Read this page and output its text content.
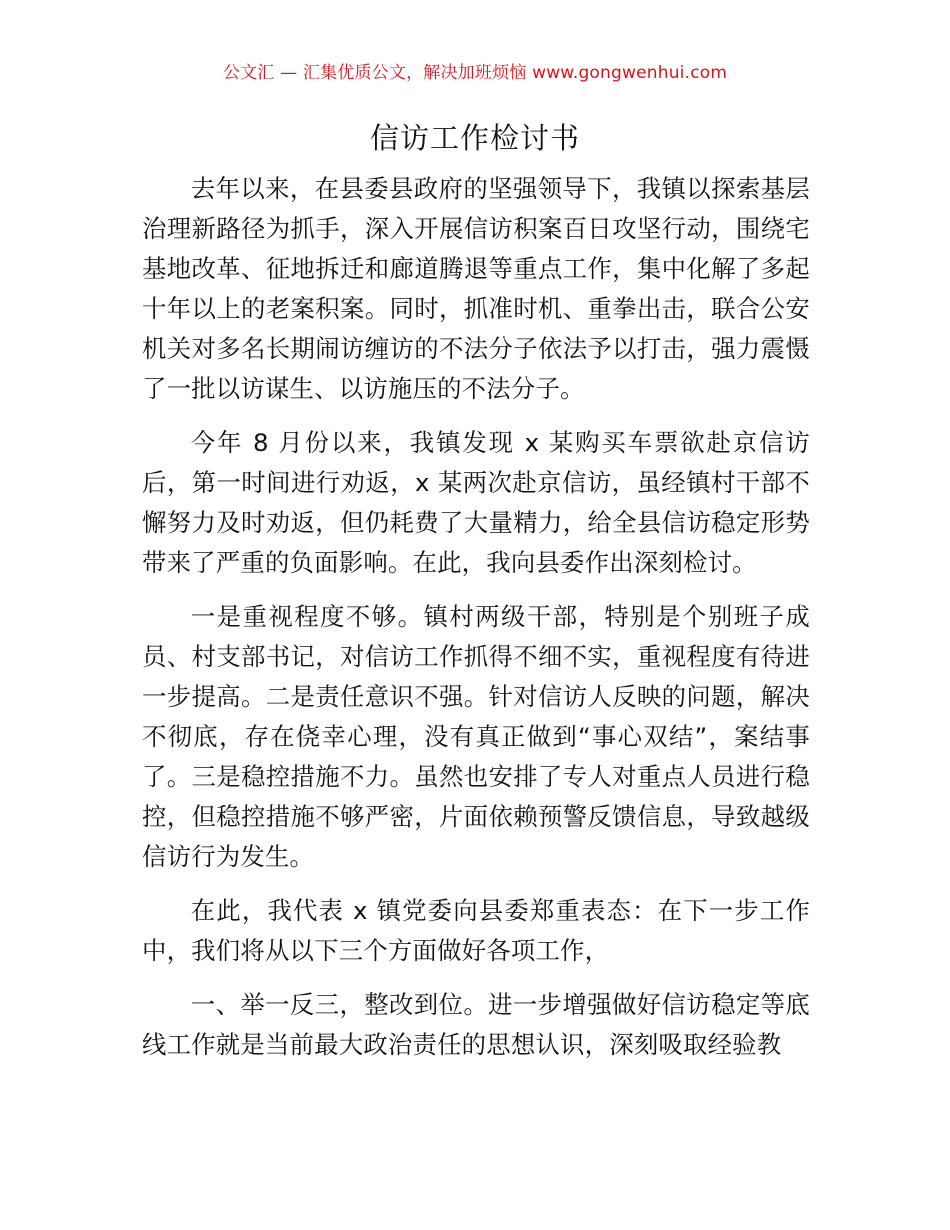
公文汇 — 汇集优质公文，解决加班烦恼 www.gongwenhui.com
信访工作检讨书

去年以来，在县委县政府的坚强领导下，我镇以探索基层治理新路径为抓手，深入开展信访积案百日攻坚行动，围绕宅基地改革、征地拆迁和廊道腾退等重点工作，集中化解了多起十年以上的老案积案。同时，抓准时机、重拳出击，联合公安机关对多名长期闹访缠访的不法分子依法予以打击，强力震慑了一批以访谋生、以访施压的不法分子。

今年 8 月份以来，我镇发现 x 某购买车票欲赴京信访后，第一时间进行劝返，x 某两次赴京信访，虽经镇村干部不懈努力及时劝返，但仍耗费了大量精力，给全县信访稳定形势带来了严重的负面影响。在此，我向县委作出深刻检讨。

一是重视程度不够。镇村两级干部，特别是个别班子成员、村支部书记，对信访工作抓得不细不实，重视程度有待进一步提高。二是责任意识不强。针对信访人反映的问题，解决不彻底，存在侥幸心理，没有真正做到“事心双结”，案结事了。三是稳控措施不力。虽然也安排了专人对重点人员进行稳控，但稳控措施不够严密，片面依赖预警反馈信息，导致越级信访行为发生。

在此，我代表 x 镇党委向县委郑重表态：在下一步工作中，我们将从以下三个方面做好各项工作，

一、举一反三，整改到位。进一步增强做好信访稳定等底线工作就是当前最大政治责任的思想认识，深刻吸取经验教
